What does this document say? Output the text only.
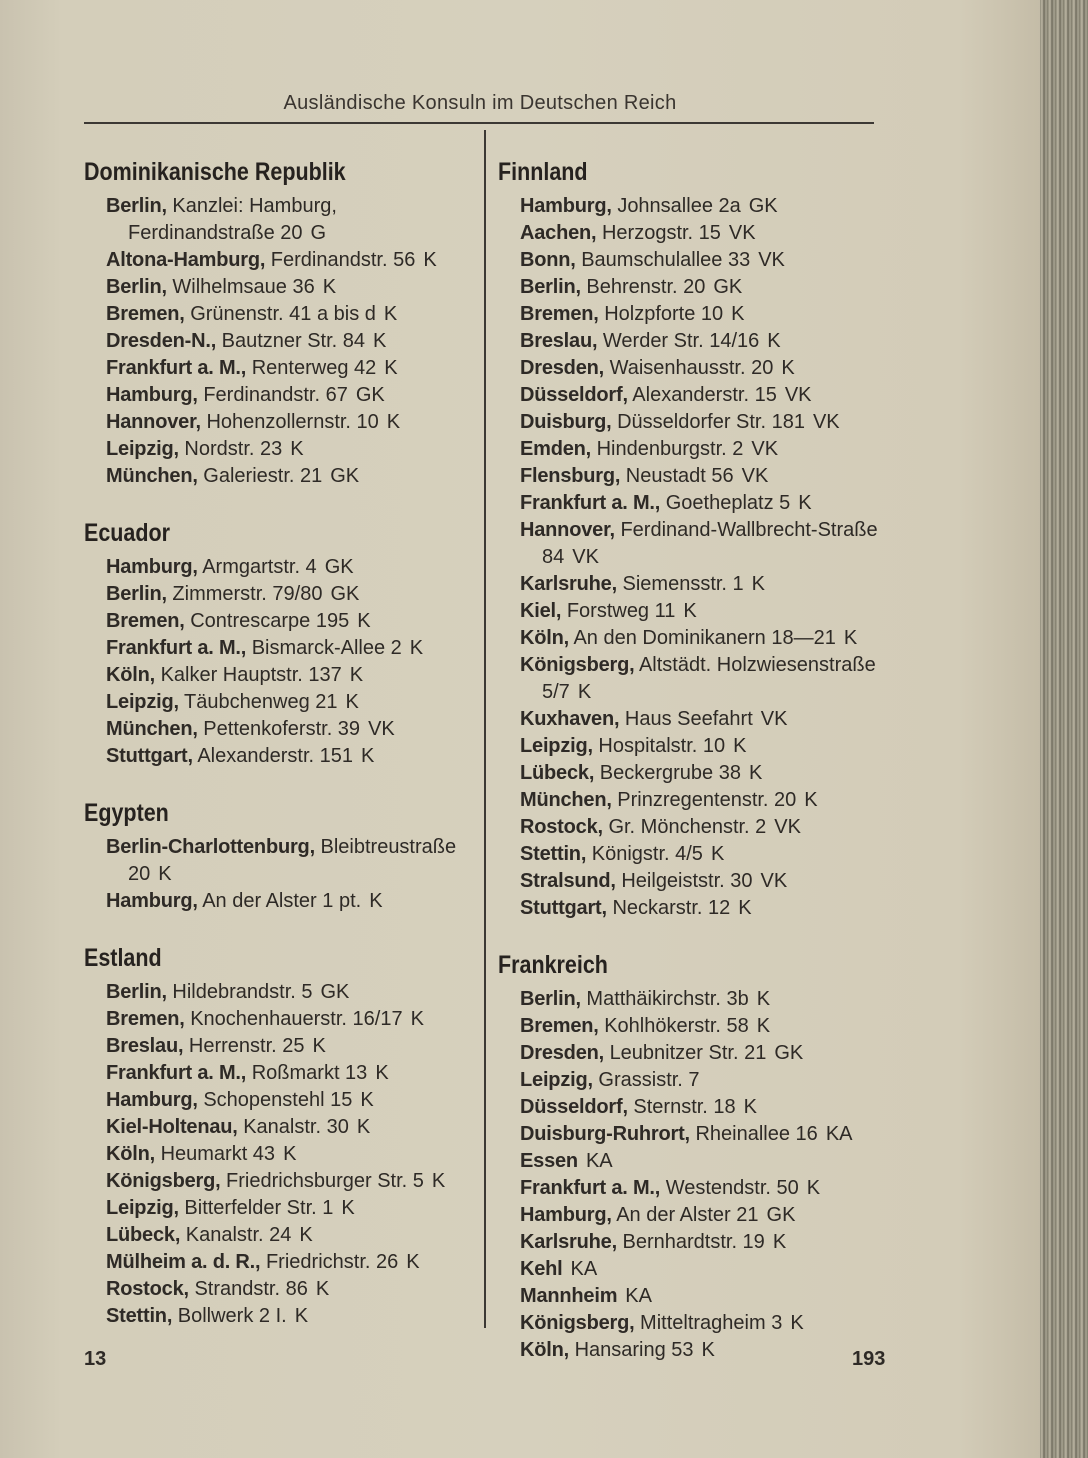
Ausländische Konsuln im Deutschen Reich
Dominikanische Republik
Berlin, Kanzlei: Hamburg, Ferdinandstraße 20 G
Altona-Hamburg, Ferdinandstr. 56 K
Berlin, Wilhelmsaue 36 K
Bremen, Grünenstr. 41 a bis d K
Dresden-N., Bautzner Str. 84 K
Frankfurt a. M., Renterweg 42 K
Hamburg, Ferdinandstr. 67 GK
Hannover, Hohenzollernstr. 10 K
Leipzig, Nordstr. 23 K
München, Galeriestr. 21 GK
Ecuador
Hamburg, Armgartstr. 4 GK
Berlin, Zimmerstr. 79/80 GK
Bremen, Contrescarpe 195 K
Frankfurt a. M., Bismarck-Allee 2 K
Köln, Kalker Hauptstr. 137 K
Leipzig, Täubchenweg 21 K
München, Pettenkoferstr. 39 VK
Stuttgart, Alexanderstr. 151 K
Egypten
Berlin-Charlottenburg, Bleibtreustraße 20 K
Hamburg, An der Alster 1 pt. K
Estland
Berlin, Hildebrandstr. 5 GK
Bremen, Knochenhauerstr. 16/17 K
Breslau, Herrenstr. 25 K
Frankfurt a. M., Roßmarkt 13 K
Hamburg, Schopenstehl 15 K
Kiel-Holtenau, Kanalstr. 30 K
Köln, Heumarkt 43 K
Königsberg, Friedrichsburger Str. 5 K
Leipzig, Bitterfelder Str. 1 K
Lübeck, Kanalstr. 24 K
Mülheim a. d. R., Friedrichstr. 26 K
Rostock, Strandstr. 86 K
Stettin, Bollwerk 2 I. K
Finnland
Hamburg, Johnsallee 2a GK
Aachen, Herzogstr. 15 VK
Bonn, Baumschulallee 33 VK
Berlin, Behrenstr. 20 GK
Bremen, Holzpforte 10 K
Breslau, Werder Str. 14/16 K
Dresden, Waisenhausstr. 20 K
Düsseldorf, Alexanderstr. 15 VK
Duisburg, Düsseldorfer Str. 181 VK
Emden, Hindenburgstr. 2 VK
Flensburg, Neustadt 56 VK
Frankfurt a. M., Goetheplatz 5 K
Hannover, Ferdinand-Wallbrecht-Straße 84 VK
Karlsruhe, Siemensstr. 1 K
Kiel, Forstweg 11 K
Köln, An den Dominikanern 18—21 K
Königsberg, Altstädt. Holzwiesenstraße 5/7 K
Kuxhaven, Haus Seefahrt VK
Leipzig, Hospitalstr. 10 K
Lübeck, Beckergrube 38 K
München, Prinzregentenstr. 20 K
Rostock, Gr. Mönchenstr. 2 VK
Stettin, Königstr. 4/5 K
Stralsund, Heilgeiststr. 30 VK
Stuttgart, Neckarstr. 12 K
Frankreich
Berlin, Matthäikirchstr. 3b K
Bremen, Kohlhökerstr. 58 K
Dresden, Leubnitzer Str. 21 GK
Leipzig, Grassistr. 7
Düsseldorf, Sternstr. 18 K
Duisburg-Ruhrort, Rheinallee 16 KA
Essen KA
Frankfurt a. M., Westendstr. 50 K
Hamburg, An der Alster 21 GK
Karlsruhe, Bernhardtstr. 19 K
Kehl KA
Mannheim KA
Königsberg, Mitteltragheim 3 K
Köln, Hansaring 53 K
13	193
